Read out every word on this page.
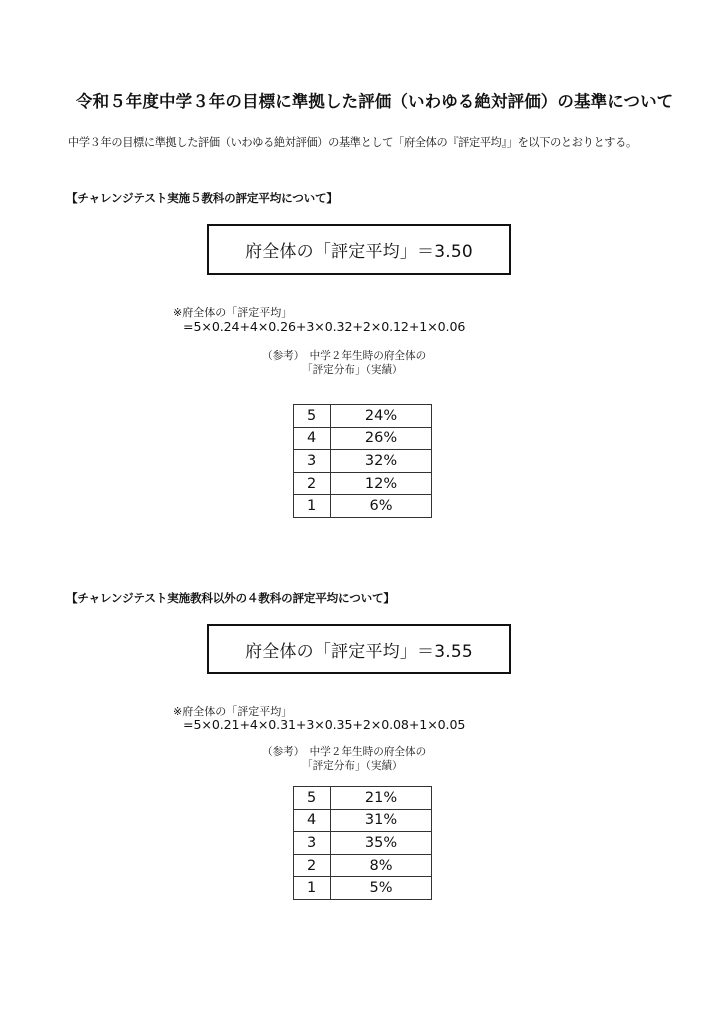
令和５年度中学３年の目標に準拠した評価（いわゆる絶対評価）の基準について
中学３年の目標に準拠した評価（いわゆる絶対評価）の基準として「府全体の『評定平均』」を以下のとおりとする。
【チャレンジテスト実施５教科の評定平均について】
府全体の「評定平均」＝3.50
※府全体の「評定平均」
=5×0.24+4×0.26+3×0.32+2×0.12+1×0.06
（参考）　中学２年生時の府全体の
「評定分布」（実績）
5	24%
4	26%
3	32%
2	12%
1	6%
【チャレンジテスト実施教科以外の４教科の評定平均について】
府全体の「評定平均」＝3.55
※府全体の「評定平均」
=5×0.21+4×0.31+3×0.35+2×0.08+1×0.05
（参考）　中学２年生時の府全体の
「評定分布」（実績）
5	21%
4	31%
3	35%
2	8%
1	5%
